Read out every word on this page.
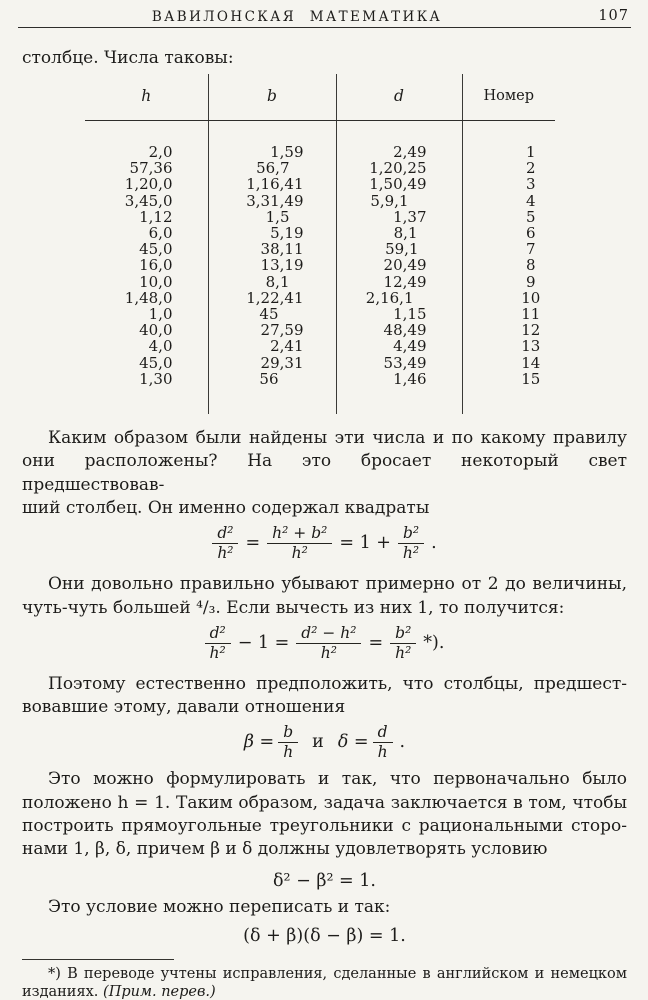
ВАВИЛОНСКАЯ МАТЕМАТИКА	107
столбце. Числа таковы:
h	b	d	Номер
2,0	1,59	2,49	1
57,36	56,7	1,20,25	2
1,20,0	1,16,41	1,50,49	3
3,45,0	3,31,49	5,9,1	4
1,12	1,5	1,37	5
6,0	5,19	8,1	6
45,0	38,11	59,1	7
16,0	13,19	20,49	8
10,0	8,1	12,49	9
1,48,0	1,22,41	2,16,1	10
1,0	45	1,15	11
40,0	27,59	48,49	12
4,0	2,41	4,49	13
45,0	29,31	53,49	14
1,30	56	1,46	15

Каким образом были найдены эти числа и по какому правилу
они расположены? На это бросает некоторый свет предшествовав-
ший столбец. Он именно содержал квадраты
$\frac{\text{d²}}{\text{h²}} = \frac{\text{h² + b²}}{\text{h²}} = 1 + \frac{\text{b²}}{\text{h²}}$ .
Они довольно правильно убывают примерно от 2 до величины,
чуть-чуть большей ⁴/₃. Если вычесть из них 1, то получится:
$\frac{\text{d²}}{\text{h²}} - 1 = \frac{\text{d² − h²}}{\text{h²}} = \frac{\text{b²}}{\text{h²}}$ *).
Поэтому естественно предположить, что столбцы, предшест-
вовавшие этому, давали отношения
$\beta = \frac{b}{h}$ и $\delta = \frac{d}{h}$ .
Это можно формулировать и так, что первоначально было
положено h = 1. Таким образом, задача заключается в том, чтобы
построить прямоугольные треугольники с рациональными сторо-
нами 1, β, δ, причем β и δ должны удовлетворять условию
δ² − β² = 1.
Это условие можно переписать и так:
(δ + β)(δ − β) = 1.
*) В переводе учтены исправления, сделанные в английском и немецком
изданиях. (Прим. перев.)
